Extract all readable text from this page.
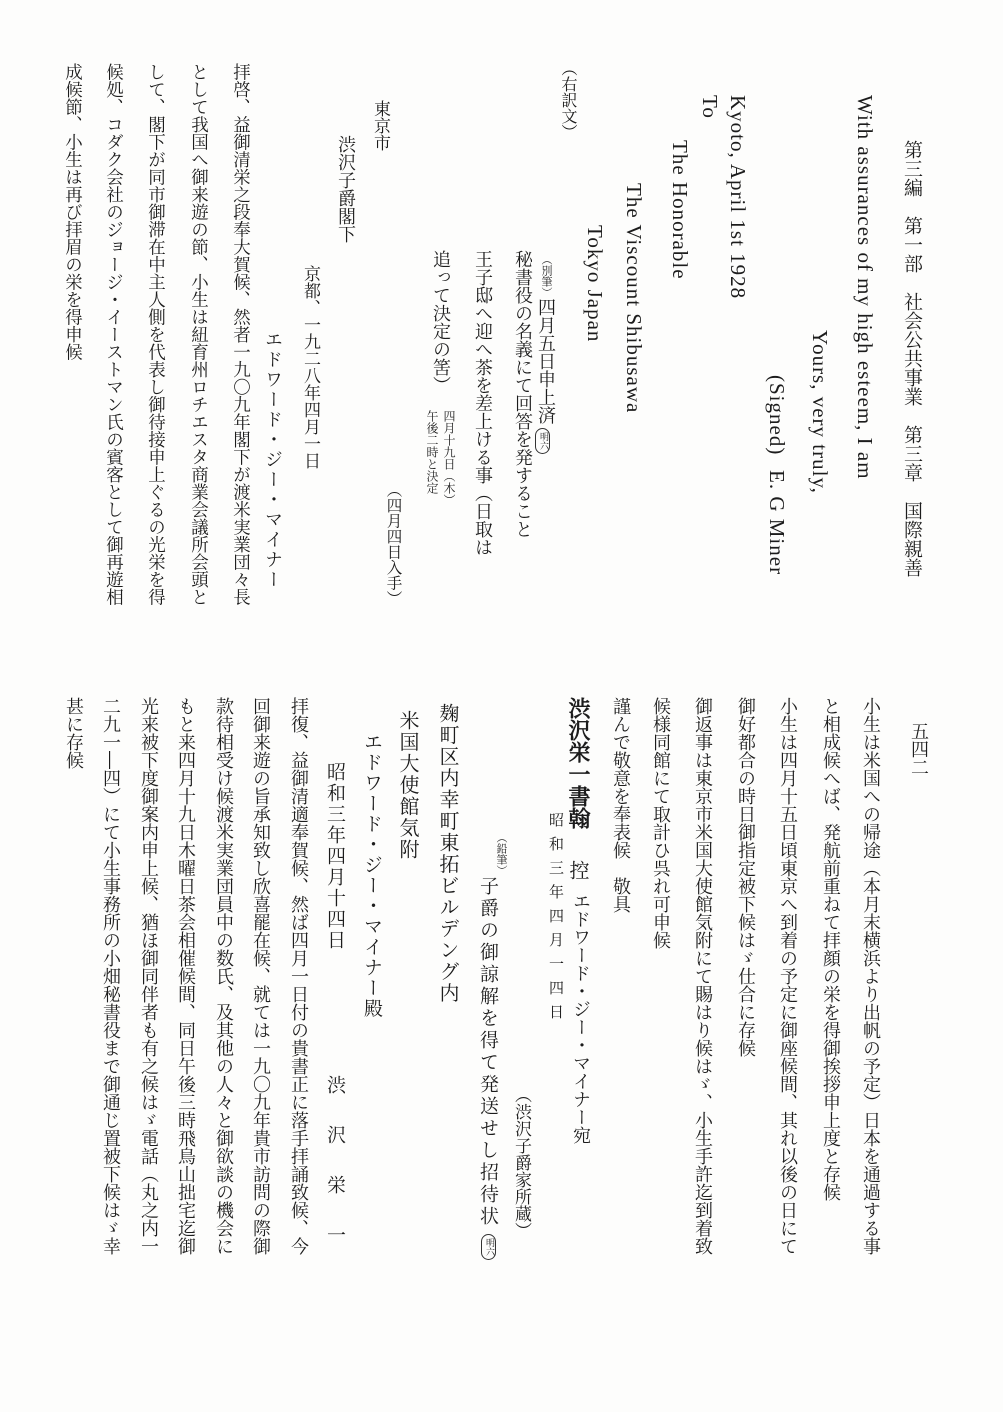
第三編　第一部　社会公共事業　第三章　国際親善
五四二
With assurances of my high esteem, I am
Yours, very truly,
(Signed)
E. G Miner
Kyoto, April 1st 1928
To
The Honorable
The Viscount Shibusawa
Tokyo Japan
（右訳文）
（別筆）
四月五日申上済
明六
秘書役の名義にて回答を発すること
王子邸へ迎へ茶を差上ける事（日取は
追って決定の筈）
四月十九日（木）
午後二時と決定
（四月四日入手）
東京市
渋沢子爵閣下
京都、一九二八年四月一日
エドワード・ジー・マイナー
拝啓、益御清栄之段奉大賀候、然者一九〇九年閣下が渡米実業団々長
として我国へ御来遊の節、小生は紐育州ロチエスタ商業会議所会頭と
して、閣下が同市御滞在中主人側を代表し御待接申上ぐるの光栄を得
候処、コダク会社のジョージ・イーストマン氏の賓客として御再遊相
成候節、小生は再び拝眉の栄を得申候
小生は米国への帰途（本月末横浜より出帆の予定）日本を通過する事
と相成候へば、発航前重ねて拝顔の栄を得御挨拶申上度と存候
小生は四月十五日頃東京へ到着の予定に御座候間、其れ以後の日にて
御好都合の時日御指定被下候はゞ仕合に存候
御返事は東京市米国大使館気附にて賜はり候はゞ、小生手許迄到着致
候様同館にて取計ひ呉れ可申候
謹んで敬意を奉表候　敬具
渋沢栄一書翰
控
エドワード・ジー・マイナー宛
昭和三年四月一四日
（渋沢子爵家所蔵）
（鉛筆）
子爵の御諒解を得て発送せし招待状
明六
麹町区内幸町東拓ビルデング内
米国大使館気附
エドワード・ジー・マイナー殿
昭和三年四月十四日
渋　沢　栄　一
拝復、益御清適奉賀候、然ば四月一日付の貴書正に落手拝誦致候、今
回御来遊の旨承知致し欣喜罷在候、就ては一九〇九年貴市訪問の際御
款待相受け候渡米実業団員中の数氏、及其他の人々と御欲談の機会に
もと来四月十九日木曜日茶会相催候間、同日午後三時飛鳥山拙宅迄御
光来被下度御案内申上候、猶ほ御同伴者も有之候はゞ電話（丸之内一
二九一―四）にて小生事務所の小畑秘書役まで御通じ置被下候はゞ幸
甚に存候
